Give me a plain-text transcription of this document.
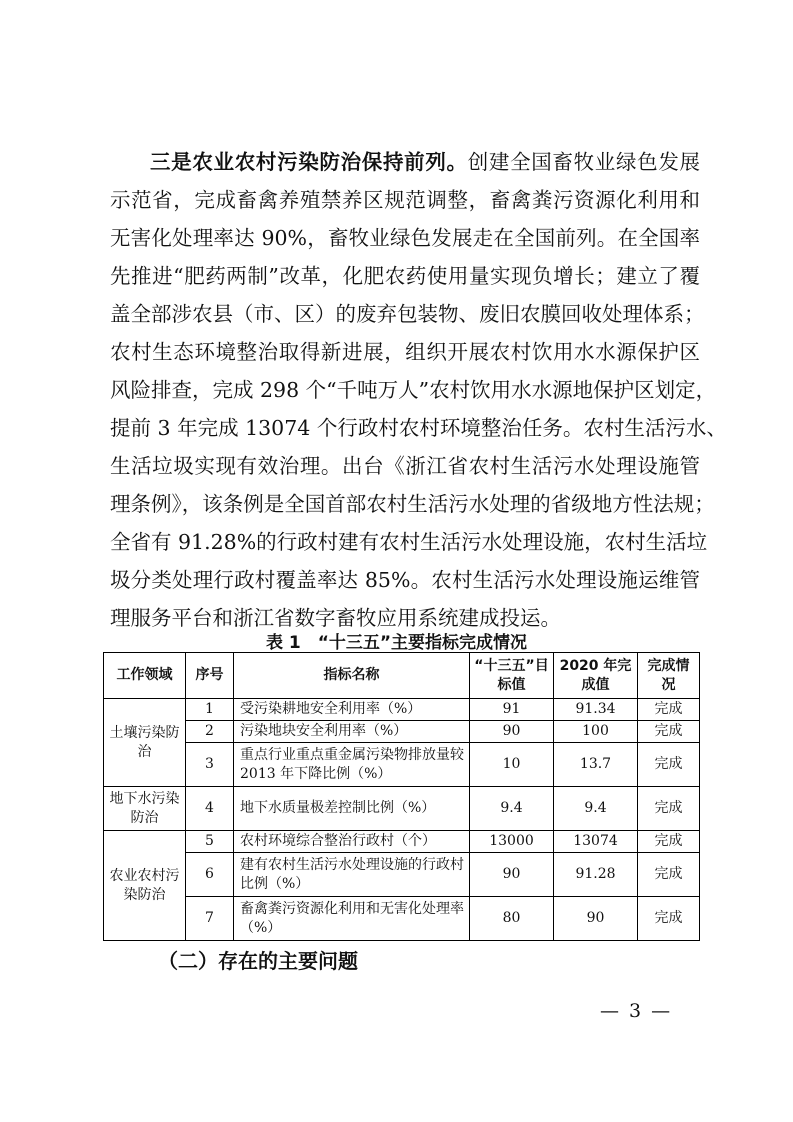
三是农业农村污染防治保持前列。创建全国畜牧业绿色发展
示范省，完成畜禽养殖禁养区规范调整，畜禽粪污资源化利用和
无害化处理率达 90%，畜牧业绿色发展走在全国前列。在全国率
先推进“肥药两制”改革，化肥农药使用量实现负增长；建立了覆
盖全部涉农县（市、区）的废弃包装物、废旧农膜回收处理体系；
农村生态环境整治取得新进展，组织开展农村饮用水水源保护区
风险排查，完成 298 个“千吨万人”农村饮用水水源地保护区划定，
提前 3 年完成 13074 个行政村农村环境整治任务。农村生活污水、
生活垃圾实现有效治理。出台《浙江省农村生活污水处理设施管
理条例》，该条例是全国首部农村生活污水处理的省级地方性法规；
全省有 91.28%的行政村建有农村生活污水处理设施，农村生活垃
圾分类处理行政村覆盖率达 85%。农村生活污水处理设施运维管
理服务平台和浙江省数字畜牧应用系统建成投运。
表 1　“十三五”主要指标完成情况
工作领域	序号	指标名称	“十三五”目标值	2020 年完成值	完成情况
土壤污染防治	1	受污染耕地安全利用率（%）	91	91.34	完成
	2	污染地块安全利用率（%）	90	100	完成
	3	重点行业重点重金属污染物排放量较 2013 年下降比例（%）	10	13.7	完成
地下水污染防治	4	地下水质量极差控制比例（%）	9.4	9.4	完成
农业农村污染防治	5	农村环境综合整治行政村（个）	13000	13074	完成
	6	建有农村生活污水处理设施的行政村比例（%）	90	91.28	完成
	7	畜禽粪污资源化利用和无害化处理率（%）	80	90	完成
（二）存在的主要问题
— 3 —
